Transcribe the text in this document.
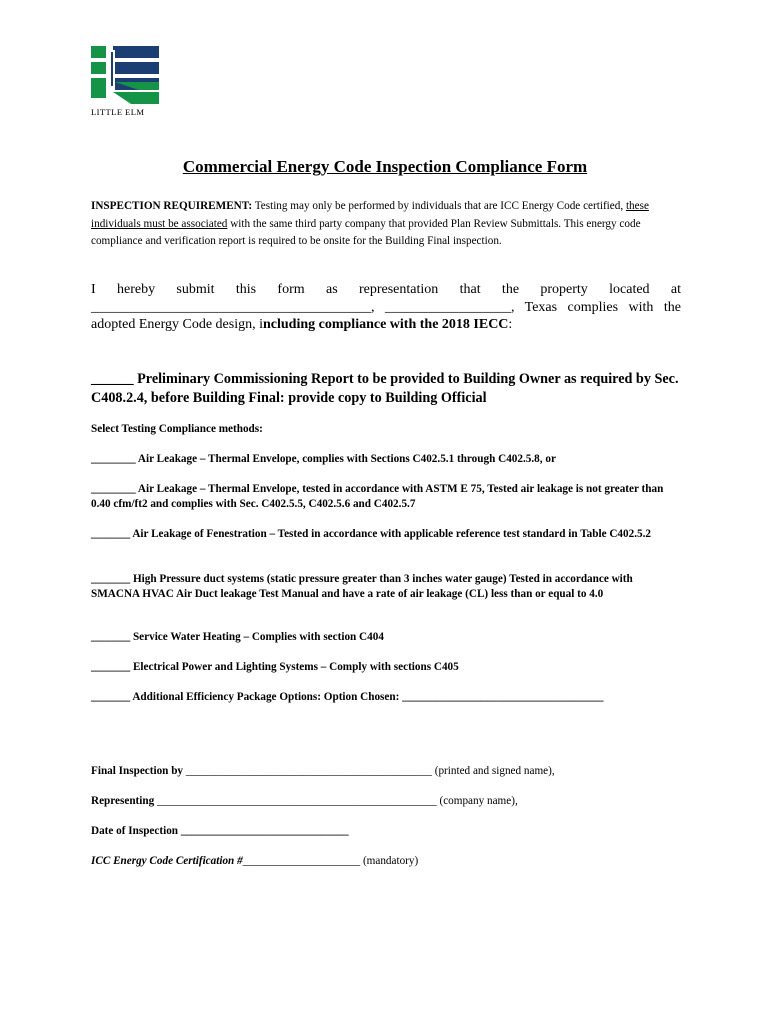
LITTLE ELM
Commercial Energy Code Inspection Compliance Form

INSPECTION REQUIREMENT: Testing may only be performed by individuals that are ICC Energy Code certified, these individuals must be associated with the same third party company that provided Plan Review Submittals. This energy code compliance and verification report is required to be onsite for the Building Final inspection.

I hereby submit this form as representation that the property located at ________________________________________, __________________, Texas complies with the adopted Energy Code design, including compliance with the 2018 IECC:

______ Preliminary Commissioning Report to be provided to Building Owner as required by Sec. C408.2.4, before Building Final: provide copy to Building Official

Select Testing Compliance methods:

________ Air Leakage – Thermal Envelope, complies with Sections C402.5.1 through C402.5.8, or

________ Air Leakage – Thermal Envelope, tested in accordance with ASTM E 75, Tested air leakage is not greater than 0.40 cfm/ft2 and complies with Sec. C402.5.5, C402.5.6 and C402.5.7

_______ Air Leakage of Fenestration – Tested in accordance with applicable reference test standard in Table C402.5.2

_______ High Pressure duct systems (static pressure greater than 3 inches water gauge) Tested in accordance with SMACNA HVAC Air Duct leakage Test Manual and have a rate of air leakage (CL) less than or equal to 4.0

_______ Service Water Heating – Complies with section C404

_______ Electrical Power and Lighting Systems – Comply with sections C405

_______ Additional Efficiency Package Options: Option Chosen: ____________________________________

Final Inspection by ____________________________________________ (printed and signed name),

Representing __________________________________________________ (company name),

Date of Inspection ______________________________

ICC Energy Code Certification #_____________________ (mandatory)
